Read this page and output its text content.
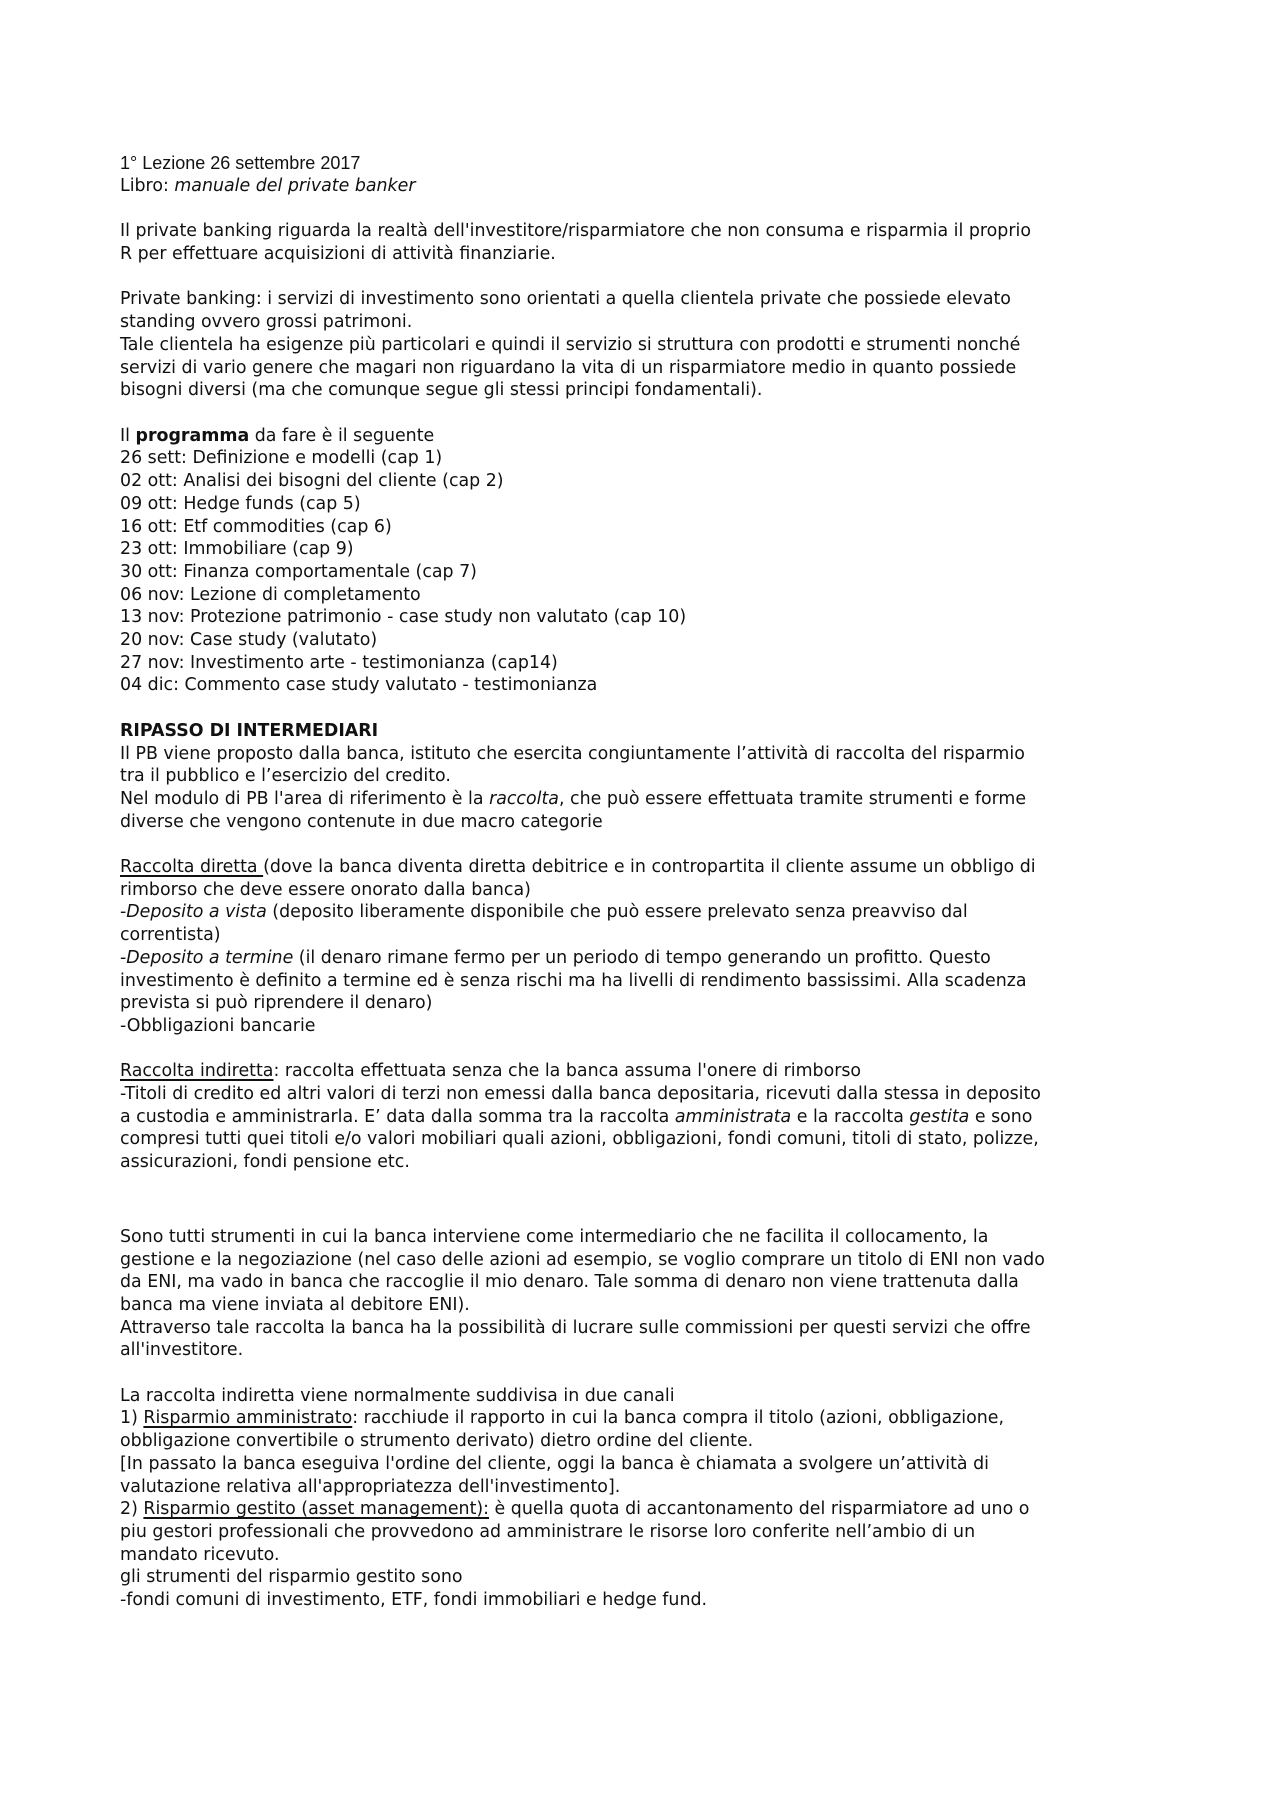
1° Lezione 26 settembre 2017
Libro: manuale del private banker
Il private banking riguarda la realtà dell'investitore/risparmiatore che non consuma e risparmia il proprio
R per effettuare acquisizioni di attività finanziarie.
Private banking: i servizi di investimento sono orientati a quella clientela private che possiede elevato
standing ovvero grossi patrimoni.
Tale clientela ha esigenze più particolari e quindi il servizio si struttura con prodotti e strumenti nonché
servizi di vario genere che magari non riguardano la vita di un risparmiatore medio in quanto possiede
bisogni diversi (ma che comunque segue gli stessi principi fondamentali).
Il programma da fare è il seguente
26 sett: Definizione e modelli (cap 1)
02 ott: Analisi dei bisogni del cliente (cap 2)
09 ott: Hedge funds (cap 5)
16 ott: Etf commodities (cap 6)
23 ott: Immobiliare (cap 9)
30 ott: Finanza comportamentale (cap 7)
06 nov: Lezione di completamento
13 nov: Protezione patrimonio - case study non valutato (cap 10)
20 nov: Case study (valutato)
27 nov: Investimento arte - testimonianza (cap14)
04 dic: Commento case study valutato - testimonianza
RIPASSO DI INTERMEDIARI
Il PB viene proposto dalla banca, istituto che esercita congiuntamente l’attività di raccolta del risparmio
tra il pubblico e l’esercizio del credito.
Nel modulo di PB l'area di riferimento è la raccolta, che può essere effettuata tramite strumenti e forme
diverse che vengono contenute in due macro categorie
Raccolta diretta (dove la banca diventa diretta debitrice e in contropartita il cliente assume un obbligo di
rimborso che deve essere onorato dalla banca)
-Deposito a vista (deposito liberamente disponibile che può essere prelevato senza preavviso dal
correntista)
-Deposito a termine (il denaro rimane fermo per un periodo di tempo generando un profitto. Questo
investimento è definito a termine ed è senza rischi ma ha livelli di rendimento bassissimi. Alla scadenza
prevista si può riprendere il denaro)
-Obbligazioni bancarie
Raccolta indiretta: raccolta effettuata senza che la banca assuma l'onere di rimborso
-Titoli di credito ed altri valori di terzi non emessi dalla banca depositaria, ricevuti dalla stessa in deposito
a custodia e amministrarla. E’ data dalla somma tra la raccolta amministrata e la raccolta gestita e sono
compresi tutti quei titoli e/o valori mobiliari quali azioni, obbligazioni, fondi comuni, titoli di stato, polizze,
assicurazioni, fondi pensione etc.
Sono tutti strumenti in cui la banca interviene come intermediario che ne facilita il collocamento, la
gestione e la negoziazione (nel caso delle azioni ad esempio, se voglio comprare un titolo di ENI non vado
da ENI, ma vado in banca che raccoglie il mio denaro. Tale somma di denaro non viene trattenuta dalla
banca ma viene inviata al debitore ENI).
Attraverso tale raccolta la banca ha la possibilità di lucrare sulle commissioni per questi servizi che offre
all'investitore.
La raccolta indiretta viene normalmente suddivisa in due canali
1) Risparmio amministrato: racchiude il rapporto in cui la banca compra il titolo (azioni, obbligazione,
obbligazione convertibile o strumento derivato) dietro ordine del cliente.
[In passato la banca eseguiva l'ordine del cliente, oggi la banca è chiamata a svolgere un’attività di
valutazione relativa all'appropriatezza dell'investimento].
2) Risparmio gestito (asset management): è quella quota di accantonamento del risparmiatore ad uno o
piu gestori professionali che provvedono ad amministrare le risorse loro conferite nell’ambio di un
mandato ricevuto.
gli strumenti del risparmio gestito sono
-fondi comuni di investimento, ETF, fondi immobiliari e hedge fund.
